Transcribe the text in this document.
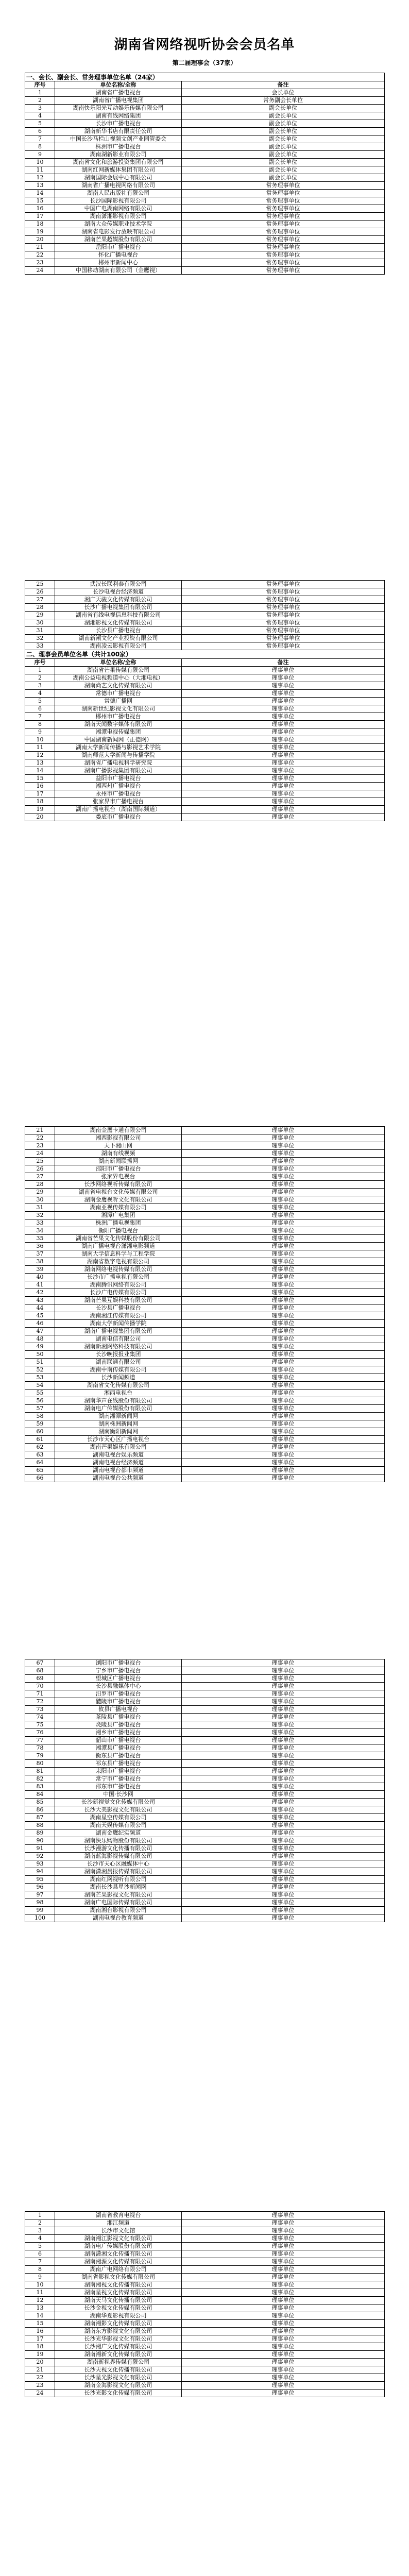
湖南省网络视听协会会员名单
第二届理事会（37家）
一、会长、副会长、常务理事单位名单（24家）		
序号	单位名称/全称	备注
1	湖南省广播电视台	会长单位
2	湖南省广播电视集团	常务副会长单位
3	湖南快乐阳光互动娱乐传媒有限公司	副会长单位
4	湖南有线网络集团	副会长单位
5	长沙市广播电视台	副会长单位
6	湖南新华书店有限责任公司	副会长单位
7	中国长沙马栏山视频文创产业园管委会	副会长单位
8	株洲市广播电视台	副会长单位
9	湖南湖新影业有限公司	副会长单位
10	湖南省文化和旅游投资集团有限公司	副会长单位
11	湖南红网新媒体集团有限公司	副会长单位
12	湖南国际会展中心有限公司	副会长单位
13	湖南省广播电视网络有限公司	常务理事单位
14	湖南人民出版社有限公司	常务理事单位
15	长沙国际影视有限公司	常务理事单位
16	中国广电湖南网络有限公司	常务理事单位
17	湖南潇湘影视有限公司	常务理事单位
18	湖南大众传媒职业技术学院	常务理事单位
19	湖南省电影发行放映有限公司	常务理事单位
20	湖南芒果超媒股份有限公司	常务理事单位
21	岳阳市广播电视台	常务理事单位
22	怀化广播电视台	常务理事单位
23	郴州市新闻中心	常务理事单位
24	中国移动湖南有限公司（金鹰视）	常务理事单位
25	武汉长联利泰有限公司	常务理事单位
26	长沙电视台经济频道	常务理事单位
27	湘广天骏文化传媒有限公司	常务理事单位
28	长沙广播电视集团有限公司	常务理事单位
29	湖南省有线电视信息科技有限公司	常务理事单位
30	湖湘影视文化传媒有限公司	常务理事单位
31	长沙县广播电视台	常务理事单位
32	湖南新潮文化产业投资有限公司	常务理事单位
33	湖南凌云影视有限公司	常务理事单位
二、理事会员单位名单（共计100家）		
序号	单位名称/全称	备注
1	湖南省芒果传媒有限公司	理事单位
2	湖南公益电视频道中心（大湘电视）	理事单位
3	湖南尚艺文化传媒有限公司	理事单位
4	常德市广播电视台	理事单位
5	常德广播网	理事单位
6	湖南新世纪影视文化有限公司	理事单位
7	郴州市广播电视台	理事单位
8	湖南天闻数字媒体有限公司	理事单位
9	湘潭电视传媒集团	理事单位
10	中国湖南新闻网（正德网）	理事单位
11	湖南大学新闻传播与影视艺术学院	理事单位
12	湖南师范大学新闻与传播学院	理事单位
13	湖南省广播电视科学研究院	理事单位
14	湖南广播影视集团有限公司	理事单位
15	益阳市广播电视台	理事单位
16	湘西州广播电视台	理事单位
17	永州市广播电视台	理事单位
18	张家界市广播电视台	理事单位
19	湖南广播电视台（湖南国际频道）	理事单位
20	娄底市广播电视台	理事单位
21	湖南金鹰卡通有限公司	理事单位
22	湘西影视有限公司	理事单位
23	天下湘山网	理事单位
24	湖南有线视频	理事单位
25	湖南新闻联播网	理事单位
26	邵阳市广播电视台	理事单位
27	张家界电视台	理事单位
28	长沙网络视听传媒有限公司	理事单位
29	湖南省电视台文化传媒有限公司	理事单位
30	湖南金鹰视听文化有限公司	理事单位
31	湖南亚视传媒有限公司	理事单位
32	湘潭广电集团	理事单位
33	株洲广播电视集团	理事单位
34	衡阳广播电视台	理事单位
35	湖南省芒果文化传媒股份有限公司	理事单位
36	湖南广播电视台潇湘电影频道	理事单位
37	湖南大学信息科学与工程学院	理事单位
38	湖南省数字电视有限公司	理事单位
39	湖南网络电视传媒有限公司	理事单位
40	长沙市广播电视有限公司	理事单位
41	湖南腾讯网络有限公司	理事单位
42	长沙广电传媒有限公司	理事单位
43	湖南芒果互娱科技有限公司	理事单位
44	长沙县广播电视台	理事单位
45	湖南湘江传媒有限公司	理事单位
46	湖南大学新闻传播学院	理事单位
47	湖南广播电视集团有限公司	理事单位
48	湖南电信有限公司	理事单位
49	湖南新湘网络科技有限公司	理事单位
50	长沙晚报报业集团	理事单位
51	湖南联通有限公司	理事单位
52	湖南中南传媒有限公司	理事单位
53	长沙新闻频道	理事单位
54	湖南省文化传媒有限公司	理事单位
55	湘西电视台	理事单位
56	湖南华声在线股份有限公司	理事单位
57	湖南电广传媒股份有限公司	理事单位
58	湖南湘潭新闻网	理事单位
59	湖南株洲新闻网	理事单位
60	湖南衡阳新闻网	理事单位
61	长沙市天心区广播电视台	理事单位
62	湖南芒果娱乐有限公司	理事单位
63	湖南电视台娱乐频道	理事单位
64	湖南电视台经济频道	理事单位
65	湖南电视台都市频道	理事单位
66	湖南电视台公共频道	理事单位
67	浏阳市广播电视台	理事单位
68	宁乡市广播电视台	理事单位
69	望城区广播电视台	理事单位
70	长沙县融媒体中心	理事单位
71	汨罗市广播电视台	理事单位
72	醴陵市广播电视台	理事单位
73	攸县广播电视台	理事单位
74	茶陵县广播电视台	理事单位
75	炎陵县广播电视台	理事单位
76	湘乡市广播电视台	理事单位
77	韶山市广播电视台	理事单位
78	湘潭县广播电视台	理事单位
79	衡东县广播电视台	理事单位
80	祁东县广播电视台	理事单位
81	耒阳市广播电视台	理事单位
82	常宁市广播电视台	理事单位
83	邵东市广播电视台	理事单位
84	中国·长沙网	理事单位
85	长沙新视觉文化传媒有限公司	理事单位
86	长沙大美影视文化有限公司	理事单位
87	湖南星空传媒有限公司	理事单位
88	湖南天娱传媒有限公司	理事单位
89	湖南金鹰纪实频道	理事单位
90	湖南快乐购物股份有限公司	理事单位
91	长沙漫游文化传播有限公司	理事单位
92	湖南蓝海影视传媒有限公司	理事单位
93	长沙市天心区融媒体中心	理事单位
94	湖南潇湘晨报传媒有限公司	理事单位
95	湖南红网视听有限公司	理事单位
96	湖南长沙县星沙新闻网	理事单位
97	湖南芒果影视文化有限公司	理事单位
98	湖南广电国际传媒有限公司	理事单位
99	湖南湘台影视有限公司	理事单位
100	湖南电视台教育频道	理事单位
1	湖南省教育电视台	理事单位
2	湘江频道	理事单位
3	长沙市文化馆	理事单位
4	湖南湘江影视文化有限公司	理事单位
5	湖南电广传媒股份有限公司	理事单位
6	湖南潇湘文化传播有限公司	理事单位
7	湖南湘源文化传媒有限公司	理事单位
8	湖南广电网络有限公司	理事单位
9	湖南省影视文化传媒有限公司	理事单位
10	湖南湘视文化传播有限公司	理事单位
11	湖南星视文化传媒有限公司	理事单位
12	湖南天马文化传播有限公司	理事单位
13	长沙金视文化传媒有限公司	理事单位
14	湖南华夏影视有限公司	理事单位
15	湖南湘影文化传媒有限公司	理事单位
16	湖南东方影视文化有限公司	理事单位
17	长沙光华影视文化有限公司	理事单位
18	长沙湘广文化传媒有限公司	理事单位
19	湖南湘新文化传媒有限公司	理事单位
20	湖南新视界传媒有限公司	理事单位
21	长沙天视文化传播有限公司	理事单位
22	长沙星光影视文化有限公司	理事单位
23	湖南金海影视文化有限公司	理事单位
24	长沙光影文化传媒有限公司	理事单位
